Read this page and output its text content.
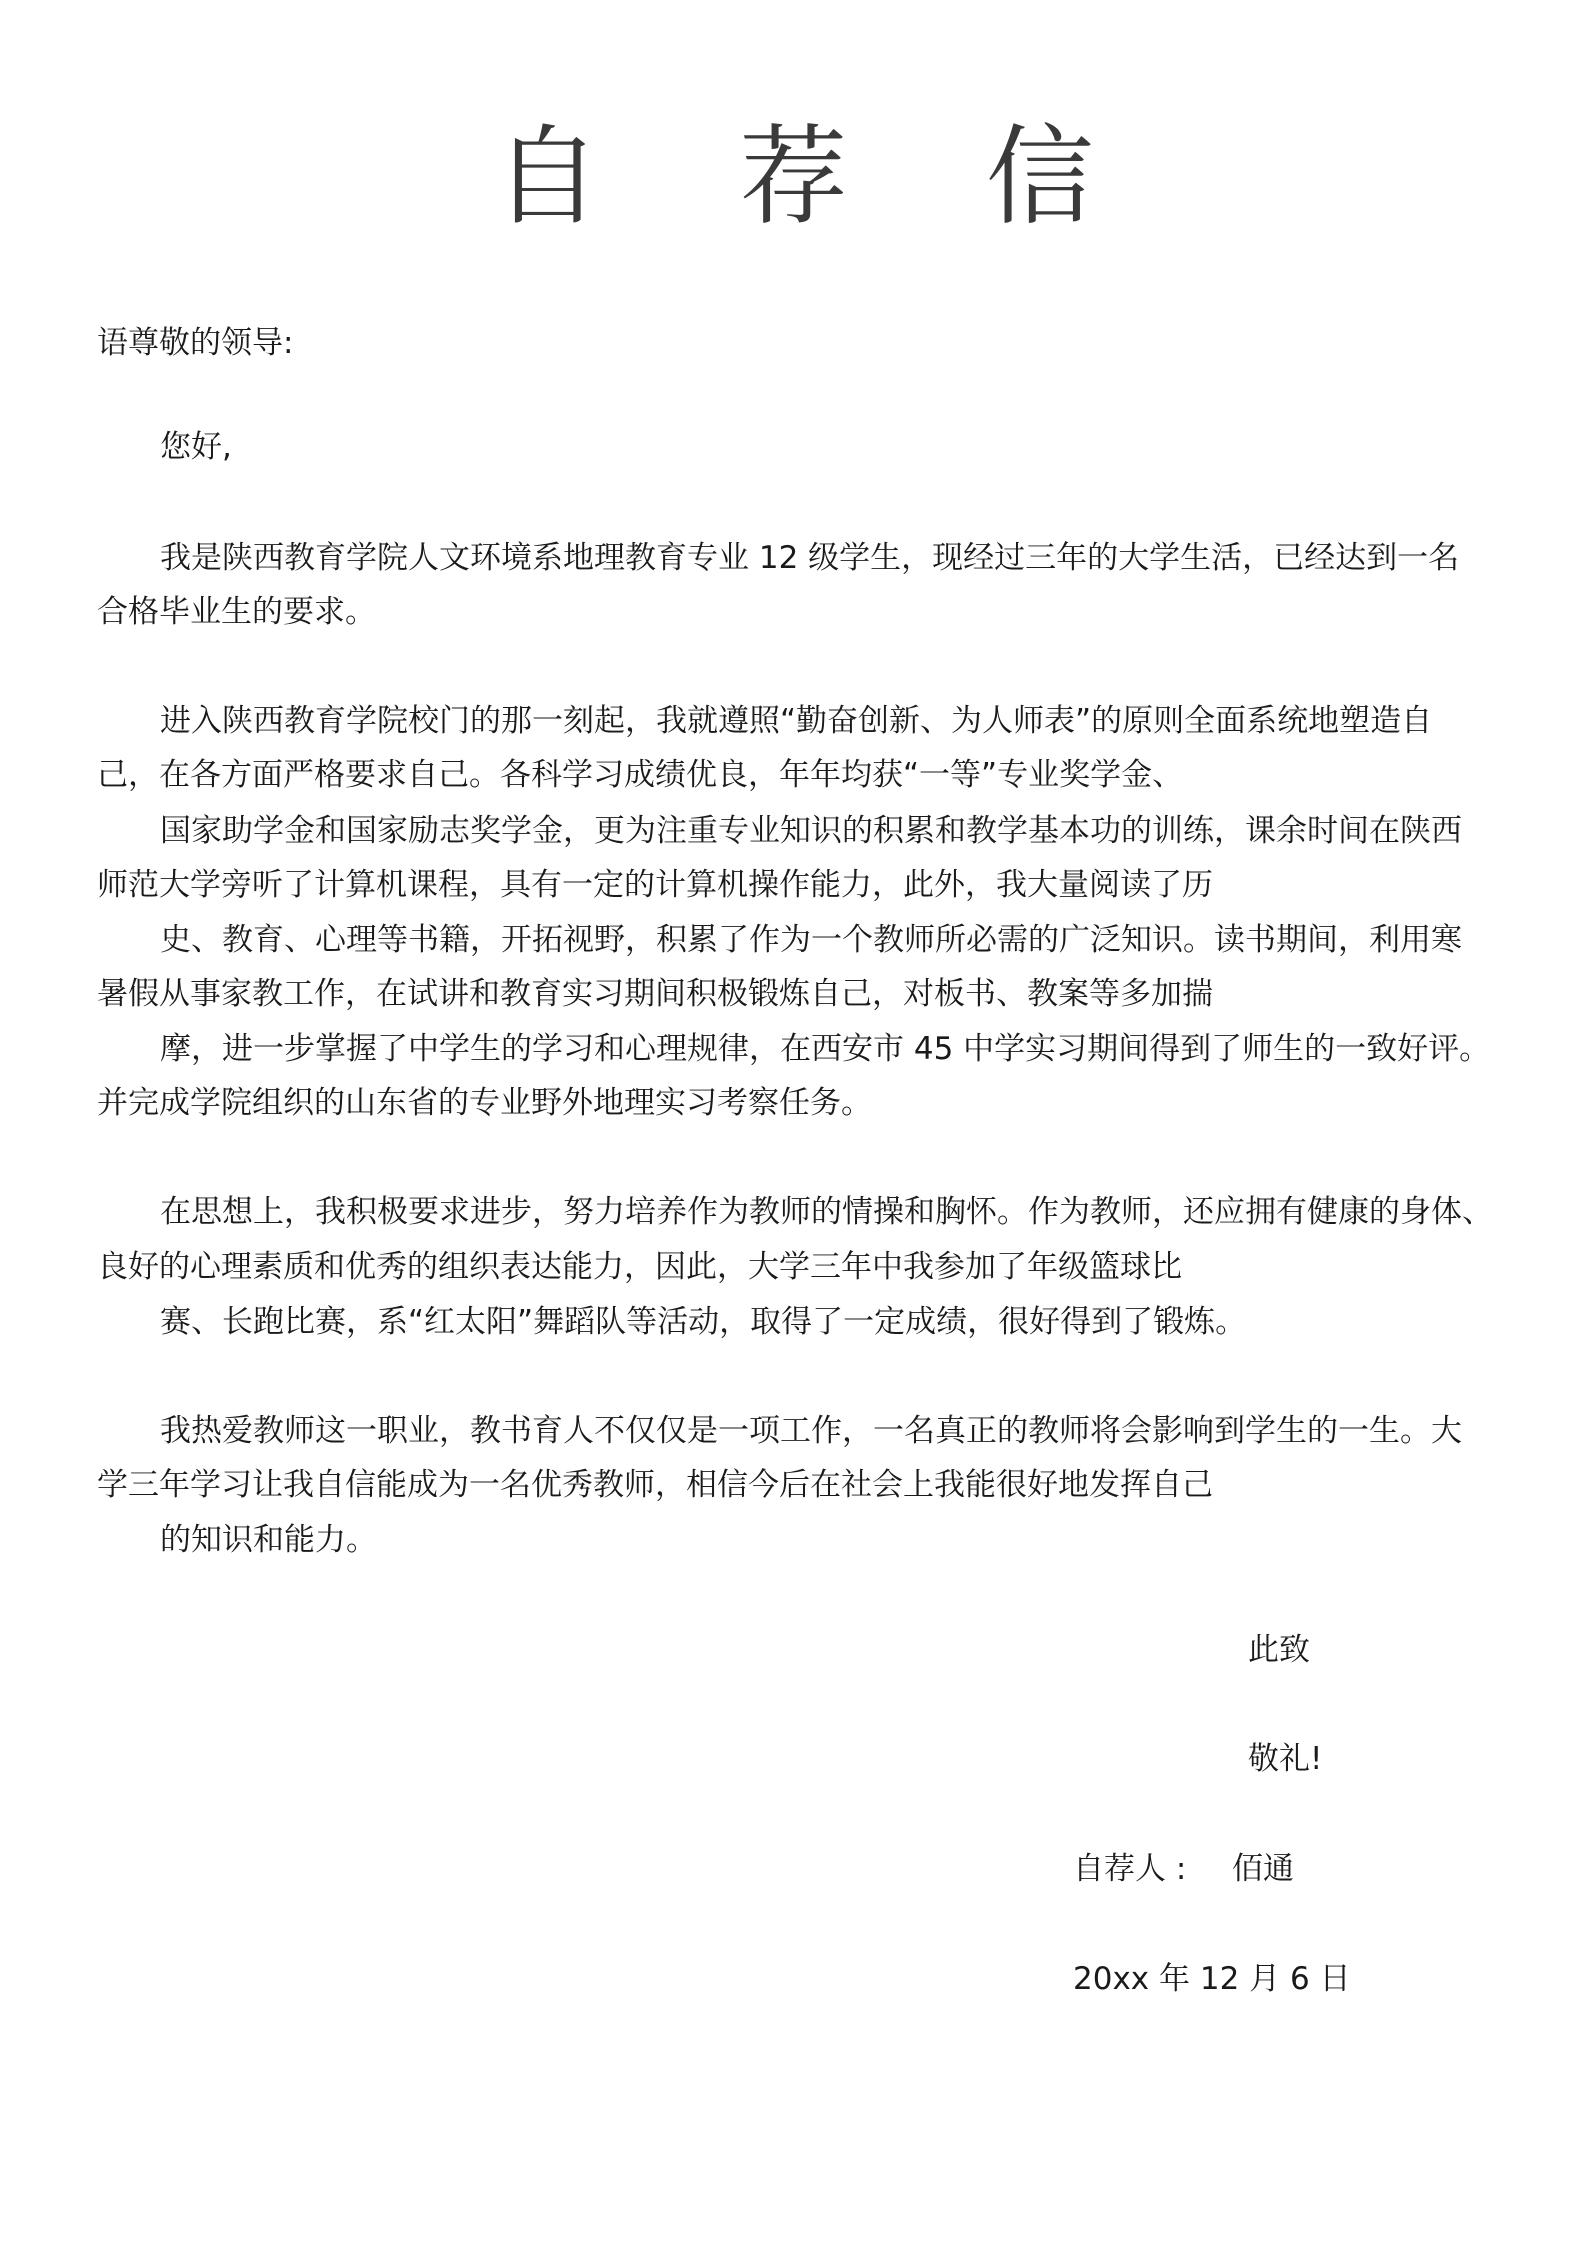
自 荐 信

语尊敬的领导:

您好,

我是陕西教育学院人文环境系地理教育专业 12 级学生，现经过三年的大学生活，已经达到一名

合格毕业生的要求。

进入陕西教育学院校门的那一刻起，我就遵照“勤奋创新、为人师表”的原则全面系统地塑造自

己，在各方面严格要求自己。各科学习成绩优良，年年均获“一等”专业奖学金、

国家助学金和国家励志奖学金，更为注重专业知识的积累和教学基本功的训练，课余时间在陕西

师范大学旁听了计算机课程，具有一定的计算机操作能力，此外，我大量阅读了历

史、教育、心理等书籍，开拓视野，积累了作为一个教师所必需的广泛知识。读书期间，利用寒

暑假从事家教工作，在试讲和教育实习期间积极锻炼自己，对板书、教案等多加揣

摩，进一步掌握了中学生的学习和心理规律，在西安市 45 中学实习期间得到了师生的一致好评。

并完成学院组织的山东省的专业野外地理实习考察任务。

在思想上，我积极要求进步，努力培养作为教师的情操和胸怀。作为教师，还应拥有健康的身体、

良好的心理素质和优秀的组织表达能力，因此，大学三年中我参加了年级篮球比

赛、长跑比赛，系“红太阳”舞蹈队等活动，取得了一定成绩，很好得到了锻炼。

我热爱教师这一职业，教书育人不仅仅是一项工作，一名真正的教师将会影响到学生的一生。大

学三年学习让我自信能成为一名优秀教师，相信今后在社会上我能很好地发挥自己

的知识和能力。

此致

敬礼!

自荐人 : 佰通

20xx 年 12 月 6 日
